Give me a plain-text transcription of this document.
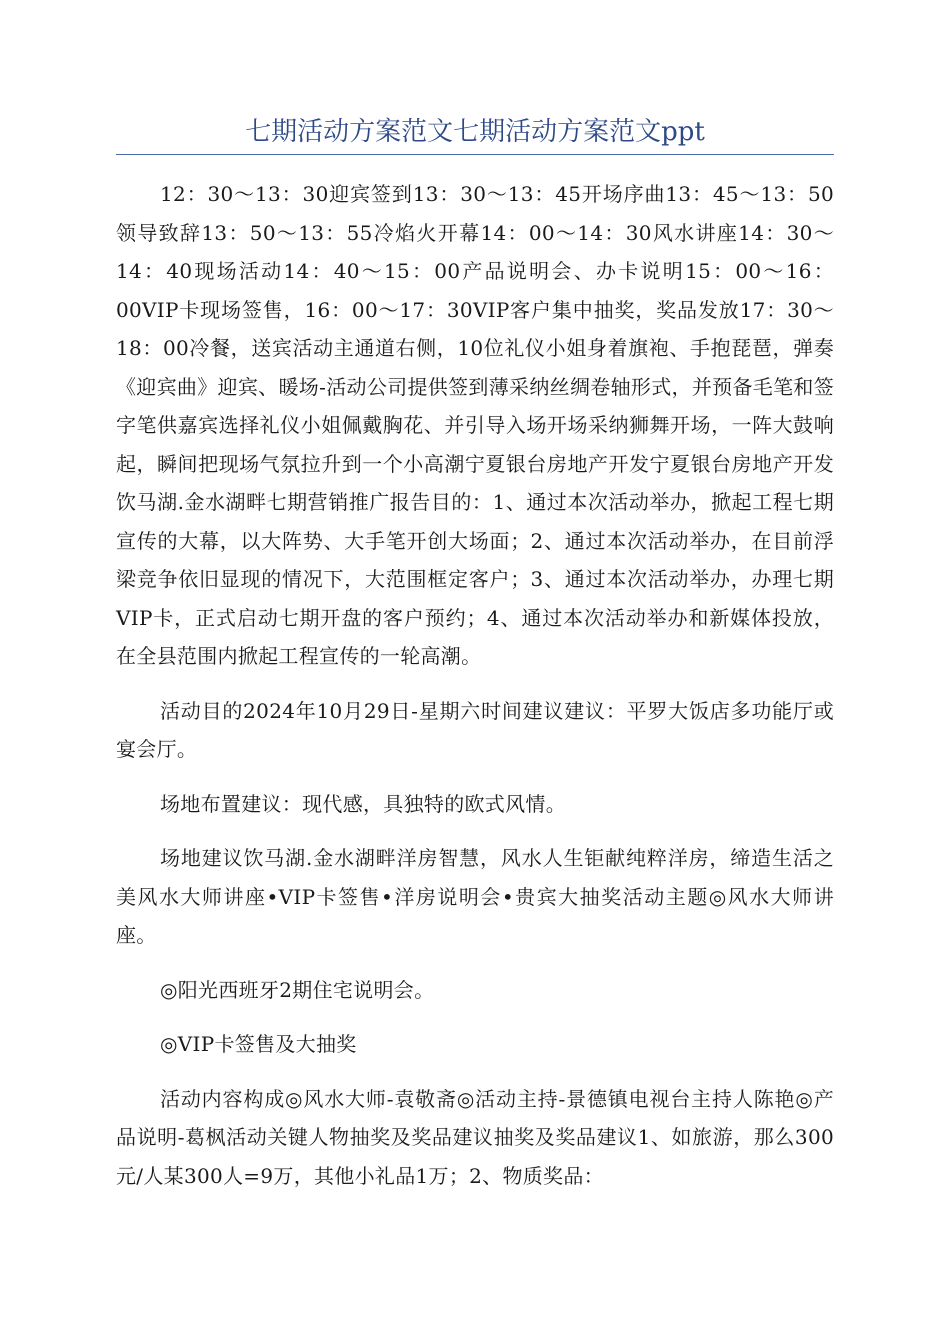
七期活动方案范文七期活动方案范文ppt

12：30～13：30迎宾签到13：30～13：45开场序曲13：45～13：50领导致辞13：50～13：55冷焰火开幕14：00～14：30风水讲座14：30～14：40现场活动14：40～15：00产品说明会、办卡说明15：00～16：00VIP卡现场签售，16：00～17：30VIP客户集中抽奖，奖品发放17：30～18：00冷餐，送宾活动主通道右侧，10位礼仪小姐身着旗袍、手抱琵琶，弹奏《迎宾曲》迎宾、暖场-活动公司提供签到薄采纳丝绸卷轴形式，并预备毛笔和签字笔供嘉宾选择礼仪小姐佩戴胸花、并引导入场开场采纳狮舞开场，一阵大鼓响起，瞬间把现场气氛拉升到一个小高潮宁夏银台房地产开发宁夏银台房地产开发饮马湖.金水湖畔七期营销推广报告目的：1、通过本次活动举办，掀起工程七期宣传的大幕，以大阵势、大手笔开创大场面；2、通过本次活动举办，在目前浮梁竞争依旧显现的情况下，大范围框定客户；3、通过本次活动举办，办理七期VIP卡，正式启动七期开盘的客户预约；4、通过本次活动举办和新媒体投放，在全县范围内掀起工程宣传的一轮高潮。

活动目的2024年10月29日-星期六时间建议建议：平罗大饭店多功能厅或宴会厅。

场地布置建议：现代感，具独特的欧式风情。

场地建议饮马湖.金水湖畔洋房智慧，风水人生钜献纯粹洋房，缔造生活之美风水大师讲座•VIP卡签售•洋房说明会•贵宾大抽奖活动主题◎风水大师讲座。

◎阳光西班牙2期住宅说明会。

◎VIP卡签售及大抽奖

活动内容构成◎风水大师-袁敬斋◎活动主持-景德镇电视台主持人陈艳◎产品说明-葛枫活动关键人物抽奖及奖品建议抽奖及奖品建议1、如旅游，那么300元/人某300人=9万，其他小礼品1万；2、物质奖品：
